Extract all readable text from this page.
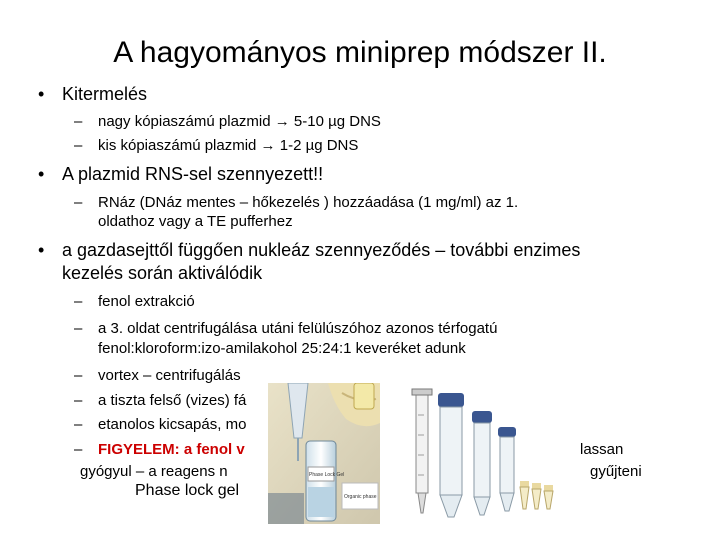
A hagyományos miniprep módszer II.
• Kitermelés
– nagy kópiaszámú plazmid → 5-10 µg DNS
– kis kópiaszámú plazmid → 1-2 µg DNS
• A plazmid RNS-sel szennyezett!!
– RNáz (DNáz mentes – hőkezelés ) hozzáadása (1 mg/ml) az 1.
oldathoz vagy a TE pufferhez
• a gazdasejttől függően nukleáz szennyeződés – további enzimes
kezelés során aktiválódik
– fenol extrakció
– a 3. oldat centrifugálása utáni felülúszóhoz azonos térfogatú
fenol:kloroform:izo-amilakohol 25:24:1 keveréket adunk
– vortex – centrifugálás
– a tiszta felső (vizes) fá
– etanolos kicsapás, mo
– FIGYELEM: a fenol v	lassan
gyógyul – a reagens n	gyűjteni
Phase lock gel
Phase Lock Gel
Organic phase
